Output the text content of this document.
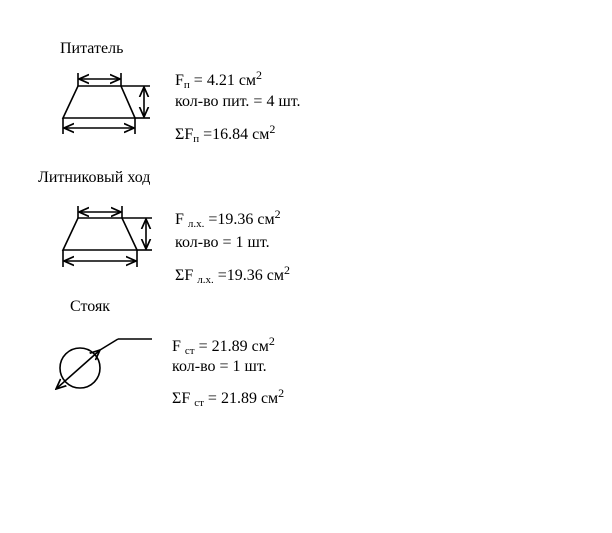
Питатель
$F_п = 4.21$ $см^2$
кол-во пит. = 4 шт.
$\Sigma F_п =16.84$ $см^2$
Литниковый ход
F $_{л.х.}$ =19.36 $см^2$
кол-во = 1 шт.
ΣF $_{л.х.}$ =19.36 $см^2$
Стояк
F $_{ст}$ = 21.89 $см^2$
кол-во = 1 шт.
ΣF $_{ст}$ = 21.89 $см^2$
